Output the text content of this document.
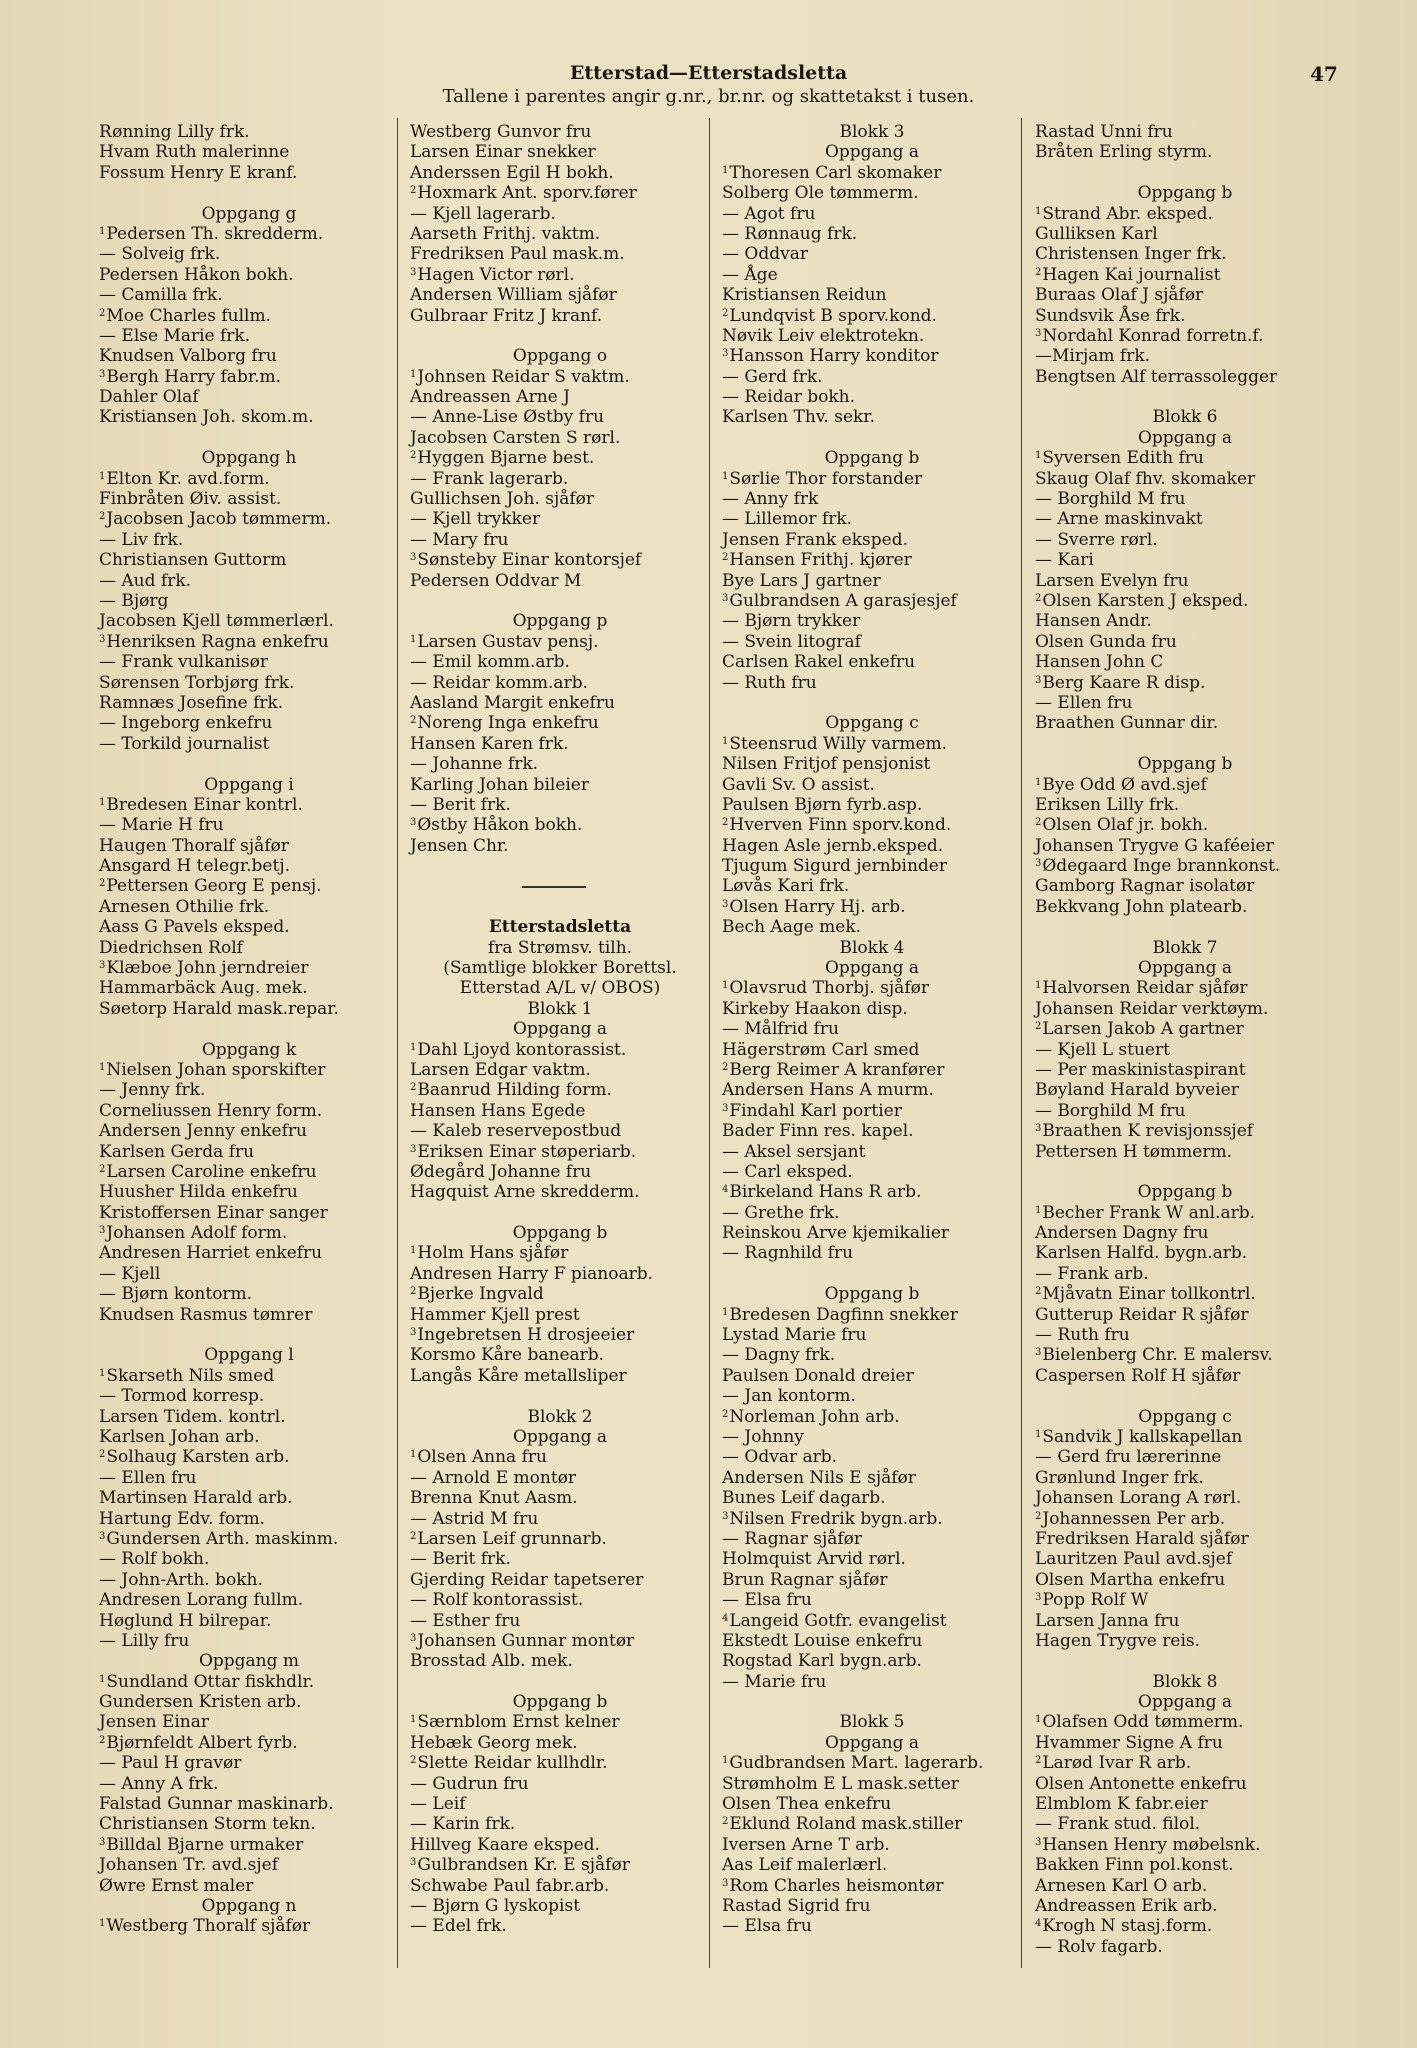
Etterstad—Etterstadsletta
Tallene i parentes angir g.nr., br.nr. og skattetakst i tusen.
47
Rønning Lilly frk.
Hvam Ruth malerinne
Fossum Henry E kranf.
Oppgang g
$^1$Pedersen Th. skredderm.
— Solveig frk.
Pedersen Håkon bokh.
— Camilla frk.
$^2$Moe Charles fullm.
— Else Marie frk.
Knudsen Valborg fru
$^3$Bergh Harry fabr.m.
Dahler Olaf
Kristiansen Joh. skom.m.
Oppgang h
$^1$Elton Kr. avd.form.
Finbråten Øiv. assist.
$^2$Jacobsen Jacob tømmerm.
— Liv frk.
Christiansen Guttorm
— Aud frk.
— Bjørg
Jacobsen Kjell tømmerlærl.
$^3$Henriksen Ragna enkefru
— Frank vulkanisør
Sørensen Torbjørg frk.
Ramnæs Josefine frk.
— Ingeborg enkefru
— Torkild journalist
Oppgang i
$^1$Bredesen Einar kontrl.
— Marie H fru
Haugen Thoralf sjåfør
Ansgard H telegr.betj.
$^2$Pettersen Georg E pensj.
Arnesen Othilie frk.
Aass G Pavels eksped.
Diedrichsen Rolf
$^3$Klæboe John jerndreier
Hammarbäck Aug. mek.
Søetorp Harald mask.repar.
Oppgang k
$^1$Nielsen Johan sporskifter
— Jenny frk.
Corneliussen Henry form.
Andersen Jenny enkefru
Karlsen Gerda fru
$^2$Larsen Caroline enkefru
Huusher Hilda enkefru
Kristoffersen Einar sanger
$^3$Johansen Adolf form.
Andresen Harriet enkefru
— Kjell
— Bjørn kontorm.
Knudsen Rasmus tømrer
Oppgang l
$^1$Skarseth Nils smed
— Tormod korresp.
Larsen Tidem. kontrl.
Karlsen Johan arb.
$^2$Solhaug Karsten arb.
— Ellen fru
Martinsen Harald arb.
Hartung Edv. form.
$^3$Gundersen Arth. maskinm.
— Rolf bokh.
— John-Arth. bokh.
Andresen Lorang fullm.
Høglund H bilrepar.
— Lilly fru
Oppgang m
$^1$Sundland Ottar fiskhdlr.
Gundersen Kristen arb.
Jensen Einar
$^2$Bjørnfeldt Albert fyrb.
— Paul H gravør
— Anny A frk.
Falstad Gunnar maskinarb.
Christiansen Storm tekn.
$^3$Billdal Bjarne urmaker
Johansen Tr. avd.sjef
Øwre Ernst maler
Oppgang n
$^1$Westberg Thoralf sjåfør
Westberg Gunvor fru
Larsen Einar snekker
Anderssen Egil H bokh.
$^2$Hoxmark Ant. sporv.fører
— Kjell lagerarb.
Aarseth Frithj. vaktm.
Fredriksen Paul mask.m.
$^3$Hagen Victor rørl.
Andersen William sjåfør
Gulbraar Fritz J kranf.
Oppgang o
$^1$Johnsen Reidar S vaktm.
Andreassen Arne J
— Anne-Lise Østby fru
Jacobsen Carsten S rørl.
$^2$Hyggen Bjarne best.
— Frank lagerarb.
Gullichsen Joh. sjåfør
— Kjell trykker
— Mary fru
$^3$Sønsteby Einar kontorsjef
Pedersen Oddvar M
Oppgang p
$^1$Larsen Gustav pensj.
— Emil komm.arb.
— Reidar komm.arb.
Aasland Margit enkefru
$^2$Noreng Inga enkefru
Hansen Karen frk.
— Johanne frk.
Karling Johan bileier
— Berit frk.
$^3$Østby Håkon bokh.
Jensen Chr.
Etterstadsletta
fra Strømsv. tilh.
(Samtlige blokker Borettsl.
Etterstad A/L v/ OBOS)
Blokk 1
Oppgang a
$^1$Dahl Ljoyd kontorassist.
Larsen Edgar vaktm.
$^2$Baanrud Hilding form.
Hansen Hans Egede
— Kaleb reservepostbud
$^3$Eriksen Einar støperiarb.
Ødegård Johanne fru
Hagquist Arne skredderm.
Oppgang b
$^1$Holm Hans sjåfør
Andresen Harry F pianoarb.
$^2$Bjerke Ingvald
Hammer Kjell prest
$^3$Ingebretsen H drosjeeier
Korsmo Kåre banearb.
Langås Kåre metallsliper
Blokk 2
Oppgang a
$^1$Olsen Anna fru
— Arnold E montør
Brenna Knut Aasm.
— Astrid M fru
$^2$Larsen Leif grunnarb.
— Berit frk.
Gjerding Reidar tapetserer
— Rolf kontorassist.
— Esther fru
$^3$Johansen Gunnar montør
Brosstad Alb. mek.
Oppgang b
$^1$Særnblom Ernst kelner
Hebæk Georg mek.
$^2$Slette Reidar kullhdlr.
— Gudrun fru
— Leif
— Karin frk.
Hillveg Kaare eksped.
$^3$Gulbrandsen Kr. E sjåfør
Schwabe Paul fabr.arb.
— Bjørn G lyskopist
— Edel frk.
Blokk 3
Oppgang a
$^1$Thoresen Carl skomaker
Solberg Ole tømmerm.
— Agot fru
— Rønnaug frk.
— Oddvar
— Åge
Kristiansen Reidun
$^2$Lundqvist B sporv.kond.
Nøvik Leiv elektrotekn.
$^3$Hansson Harry konditor
— Gerd frk.
— Reidar bokh.
Karlsen Thv. sekr.
Oppgang b
$^1$Sørlie Thor forstander
— Anny frk
— Lillemor frk.
Jensen Frank eksped.
$^2$Hansen Frithj. kjører
Bye Lars J gartner
$^3$Gulbrandsen A garasjesjef
— Bjørn trykker
— Svein litograf
Carlsen Rakel enkefru
— Ruth fru
Oppgang c
$^1$Steensrud Willy varmem.
Nilsen Fritjof pensjonist
Gavli Sv. O assist.
Paulsen Bjørn fyrb.asp.
$^2$Hverven Finn sporv.kond.
Hagen Asle jernb.eksped.
Tjugum Sigurd jernbinder
Løvås Kari frk.
$^3$Olsen Harry Hj. arb.
Bech Aage mek.
Blokk 4
Oppgang a
$^1$Olavsrud Thorbj. sjåfør
Kirkeby Haakon disp.
— Målfrid fru
Hägerstrøm Carl smed
$^2$Berg Reimer A kranfører
Andersen Hans A murm.
$^3$Findahl Karl portier
Bader Finn res. kapel.
— Aksel sersjant
— Carl eksped.
$^4$Birkeland Hans R arb.
— Grethe frk.
Reinskou Arve kjemikalier
— Ragnhild fru
Oppgang b
$^1$Bredesen Dagfinn snekker
Lystad Marie fru
— Dagny frk.
Paulsen Donald dreier
— Jan kontorm.
$^2$Norleman John arb.
— Johnny
— Odvar arb.
Andersen Nils E sjåfør
Bunes Leif dagarb.
$^3$Nilsen Fredrik bygn.arb.
— Ragnar sjåfør
Holmquist Arvid rørl.
Brun Ragnar sjåfør
— Elsa fru
$^4$Langeid Gotfr. evangelist
Ekstedt Louise enkefru
Rogstad Karl bygn.arb.
— Marie fru
Blokk 5
Oppgang a
$^1$Gudbrandsen Mart. lagerarb.
Strømholm E L mask.setter
Olsen Thea enkefru
$^2$Eklund Roland mask.stiller
Iversen Arne T arb.
Aas Leif malerlærl.
$^3$Rom Charles heismontør
Rastad Sigrid fru
— Elsa fru
Rastad Unni fru
Bråten Erling styrm.
Oppgang b
$^1$Strand Abr. eksped.
Gulliksen Karl
Christensen Inger frk.
$^2$Hagen Kai journalist
Buraas Olaf J sjåfør
Sundsvik Åse frk.
$^3$Nordahl Konrad forretn.f.
—Mirjam frk.
Bengtsen Alf terrassolegger
Blokk 6
Oppgang a
$^1$Syversen Edith fru
Skaug Olaf fhv. skomaker
— Borghild M fru
— Arne maskinvakt
— Sverre rørl.
— Kari
Larsen Evelyn fru
$^2$Olsen Karsten J eksped.
Hansen Andr.
Olsen Gunda fru
Hansen John C
$^3$Berg Kaare R disp.
— Ellen fru
Braathen Gunnar dir.
Oppgang b
$^1$Bye Odd Ø avd.sjef
Eriksen Lilly frk.
$^2$Olsen Olaf jr. bokh.
Johansen Trygve G kaféeier
$^3$Ødegaard Inge brannkonst.
Gamborg Ragnar isolatør
Bekkvang John platearb.
Blokk 7
Oppgang a
$^1$Halvorsen Reidar sjåfør
Johansen Reidar verktøym.
$^2$Larsen Jakob A gartner
— Kjell L stuert
— Per maskinistaspirant
Bøyland Harald byveier
— Borghild M fru
$^3$Braathen K revisjonssjef
Pettersen H tømmerm.
Oppgang b
$^1$Becher Frank W anl.arb.
Andersen Dagny fru
Karlsen Halfd. bygn.arb.
— Frank arb.
$^2$Mjåvatn Einar tollkontrl.
Gutterup Reidar R sjåfør
— Ruth fru
$^3$Bielenberg Chr. E malersv.
Caspersen Rolf H sjåfør
Oppgang c
$^1$Sandvik J kallskapellan
— Gerd fru lærerinne
Grønlund Inger frk.
Johansen Lorang A rørl.
$^2$Johannessen Per arb.
Fredriksen Harald sjåfør
Lauritzen Paul avd.sjef
Olsen Martha enkefru
$^3$Popp Rolf W
Larsen Janna fru
Hagen Trygve reis.
Blokk 8
Oppgang a
$^1$Olafsen Odd tømmerm.
Hvammer Signe A fru
$^2$Larød Ivar R arb.
Olsen Antonette enkefru
Elmblom K fabr.eier
— Frank stud. filol.
$^3$Hansen Henry møbelsnk.
Bakken Finn pol.konst.
Arnesen Karl O arb.
Andreassen Erik arb.
$^4$Krogh N stasj.form.
— Rolv fagarb.
